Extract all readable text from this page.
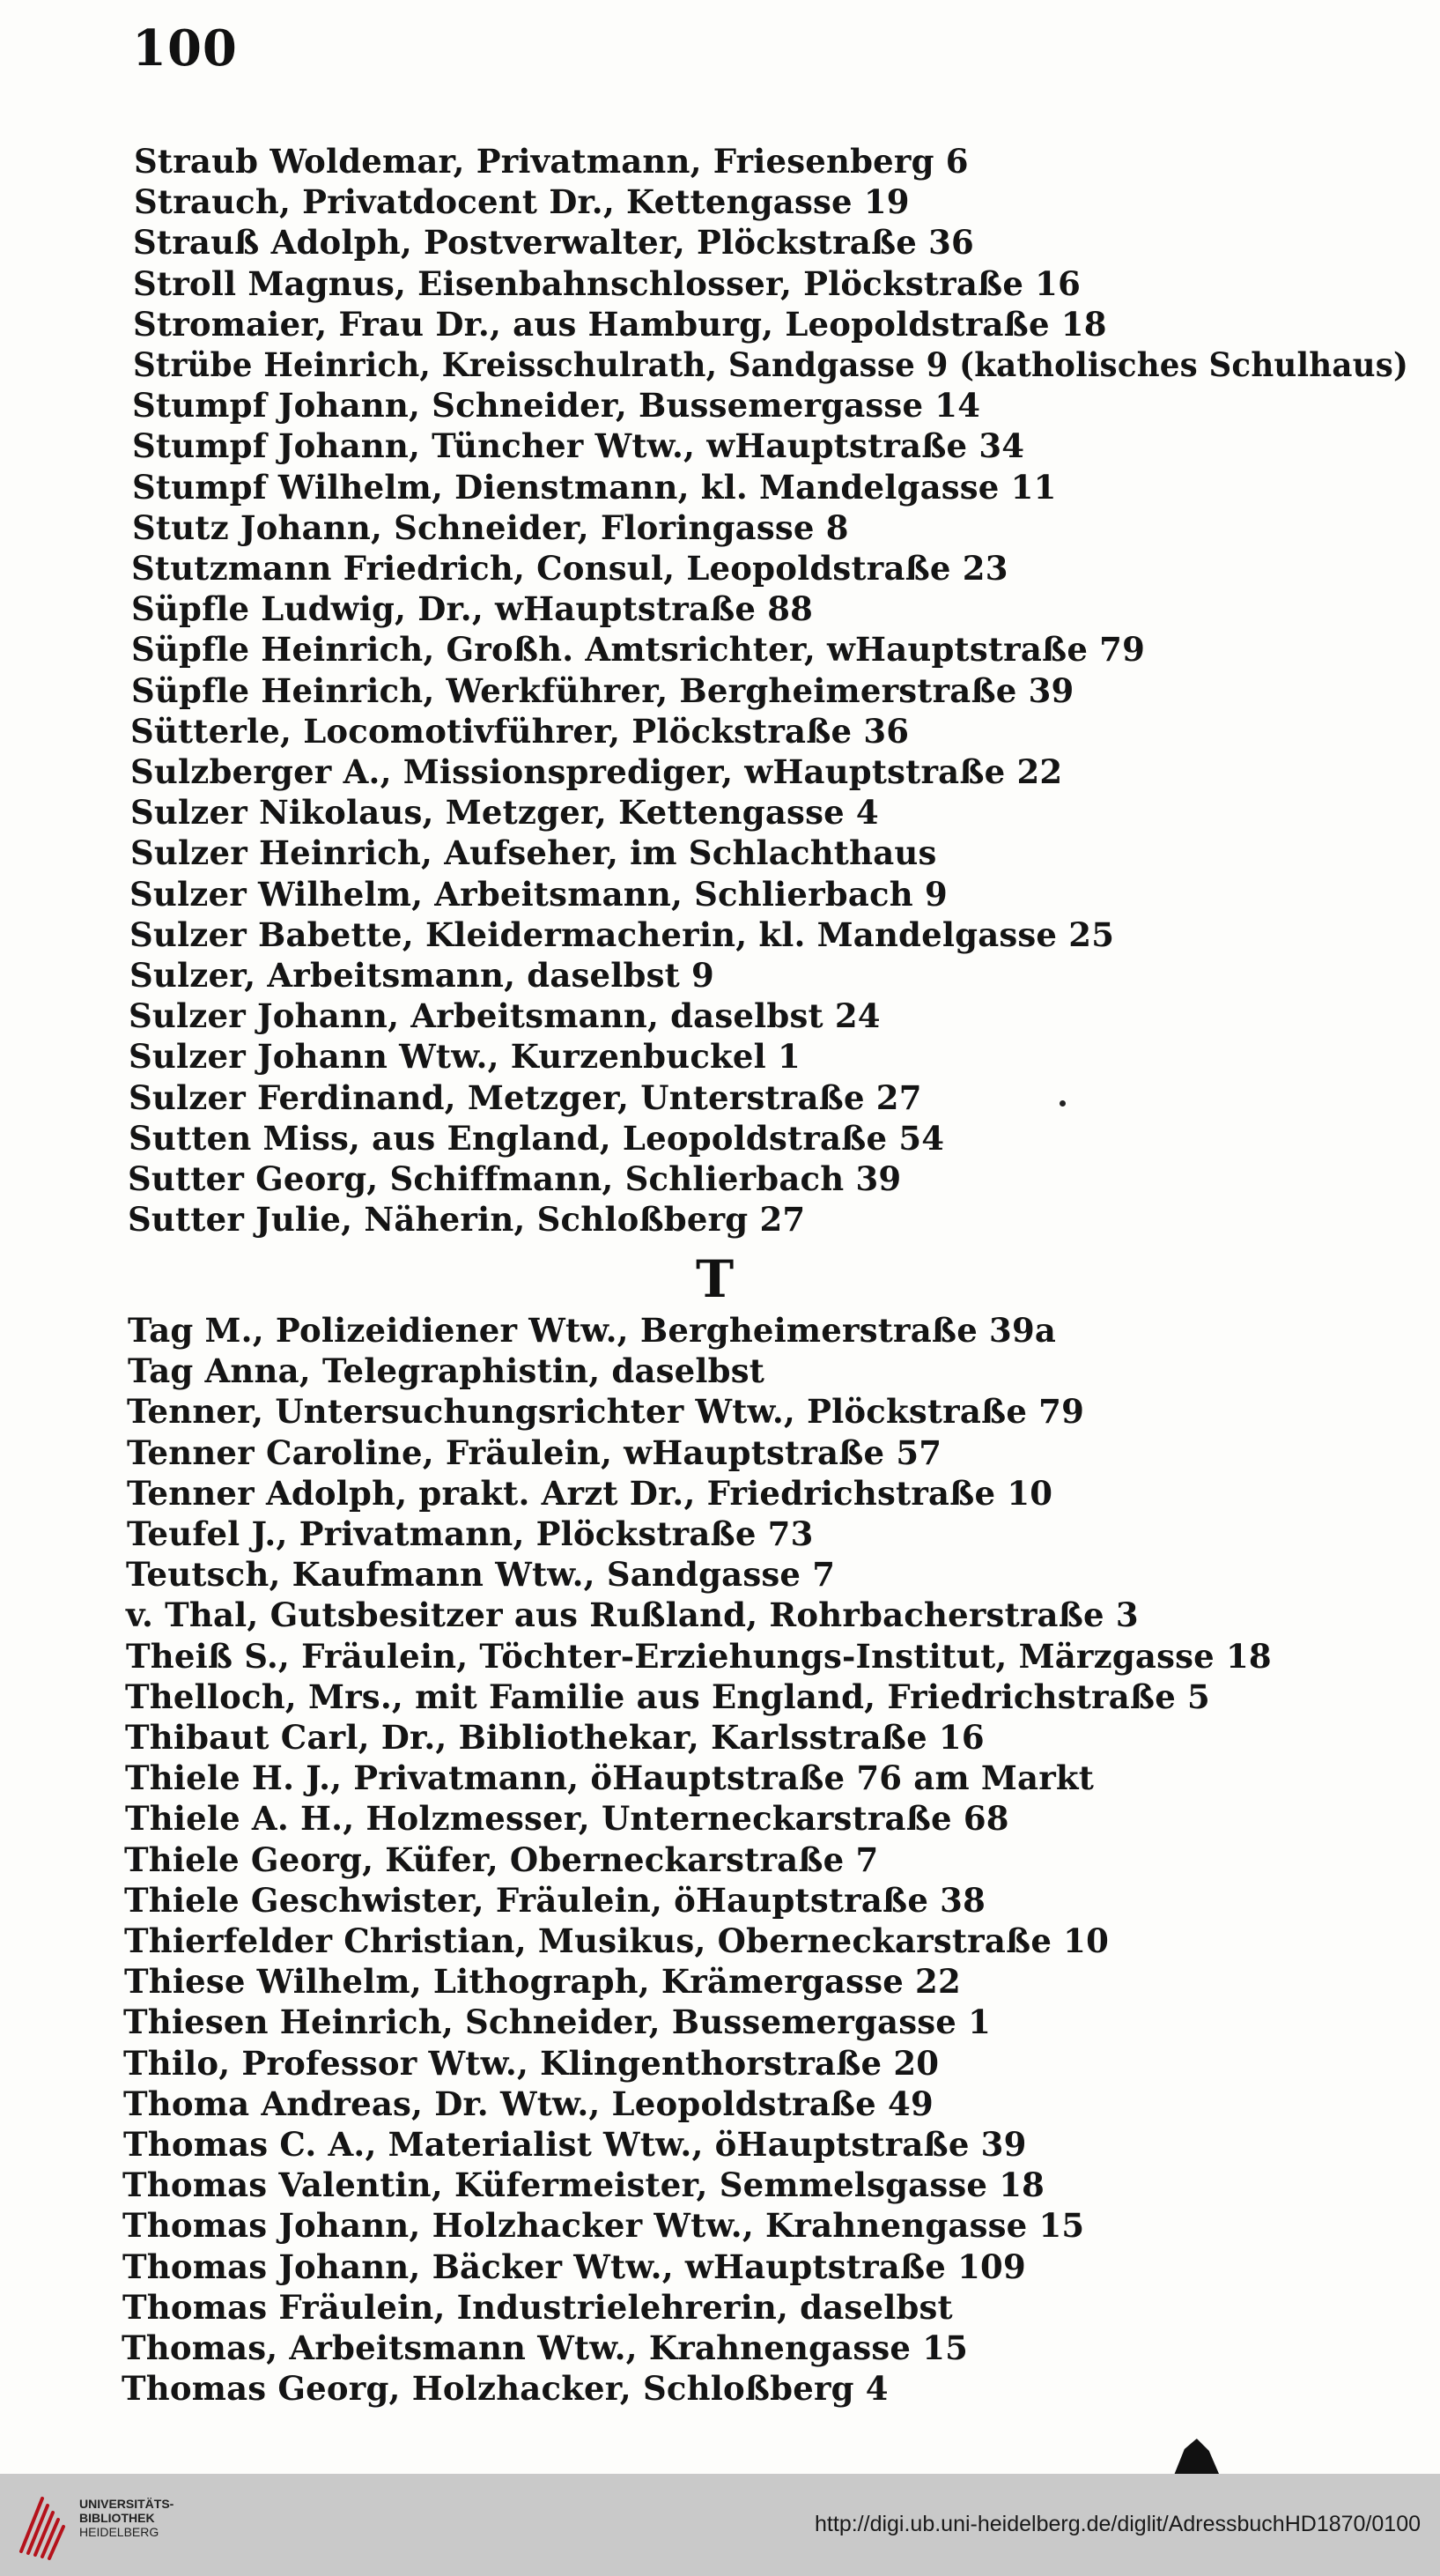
100
Straub Woldemar, Privatmann, Friesenberg 6
Strauch, Privatdocent Dr., Kettengasse 19
Strauß Adolph, Postverwalter, Plöckstraße 36
Stroll Magnus, Eisenbahnschlosser, Plöckstraße 16
Stromaier, Frau Dr., aus Hamburg, Leopoldstraße 18
Strübe Heinrich, Kreisschulrath, Sandgasse 9 (katholisches Schulhaus)
Stumpf Johann, Schneider, Bussemergasse 14
Stumpf Johann, Tüncher Wtw., wHauptstraße 34
Stumpf Wilhelm, Dienstmann, kl. Mandelgasse 11
Stutz Johann, Schneider, Floringasse 8
Stutzmann Friedrich, Consul, Leopoldstraße 23
Süpfle Ludwig, Dr., wHauptstraße 88
Süpfle Heinrich, Großh. Amtsrichter, wHauptstraße 79
Süpfle Heinrich, Werkführer, Bergheimerstraße 39
Sütterle, Locomotivführer, Plöckstraße 36
Sulzberger A., Missionsprediger, wHauptstraße 22
Sulzer Nikolaus, Metzger, Kettengasse 4
Sulzer Heinrich, Aufseher, im Schlachthaus
Sulzer Wilhelm, Arbeitsmann, Schlierbach 9
Sulzer Babette, Kleidermacherin, kl. Mandelgasse 25
Sulzer, Arbeitsmann, daselbst 9
Sulzer Johann, Arbeitsmann, daselbst 24
Sulzer Johann Wtw., Kurzenbuckel 1
Sulzer Ferdinand, Metzger, Unterstraße 27
Sutten Miss, aus England, Leopoldstraße 54
Sutter Georg, Schiffmann, Schlierbach 39
Sutter Julie, Näherin, Schloßberg 27
Tag M., Polizeidiener Wtw., Bergheimerstraße 39a
Tag Anna, Telegraphistin, daselbst
Tenner, Untersuchungsrichter Wtw., Plöckstraße 79
Tenner Caroline, Fräulein, wHauptstraße 57
Tenner Adolph, prakt. Arzt Dr., Friedrichstraße 10
Teufel J., Privatmann, Plöckstraße 73
Teutsch, Kaufmann Wtw., Sandgasse 7
v. Thal, Gutsbesitzer aus Rußland, Rohrbacherstraße 3
Theiß S., Fräulein, Töchter-Erziehungs-Institut, Märzgasse 18
Thelloch, Mrs., mit Familie aus England, Friedrichstraße 5
Thibaut Carl, Dr., Bibliothekar, Karlsstraße 16
Thiele H. J., Privatmann, öHauptstraße 76 am Markt
Thiele A. H., Holzmesser, Unterneckarstraße 68
Thiele Georg, Küfer, Oberneckarstraße 7
Thiele Geschwister, Fräulein, öHauptstraße 38
Thierfelder Christian, Musikus, Oberneckarstraße 10
Thiese Wilhelm, Lithograph, Krämergasse 22
Thiesen Heinrich, Schneider, Bussemergasse 1
Thilo, Professor Wtw., Klingenthorstraße 20
Thoma Andreas, Dr. Wtw., Leopoldstraße 49
Thomas C. A., Materialist Wtw., öHauptstraße 39
Thomas Valentin, Küfermeister, Semmelsgasse 18
Thomas Johann, Holzhacker Wtw., Krahnengasse 15
Thomas Johann, Bäcker Wtw., wHauptstraße 109
Thomas Fräulein, Industrielehrerin, daselbst
Thomas, Arbeitsmann Wtw., Krahnengasse 15
Thomas Georg, Holzhacker, Schloßberg 4
T
UNIVERSITÄTS-
BIBLIOTHEK
HEIDELBERG	http://digi.ub.uni-heidelberg.de/diglit/AdressbuchHD1870/0100
